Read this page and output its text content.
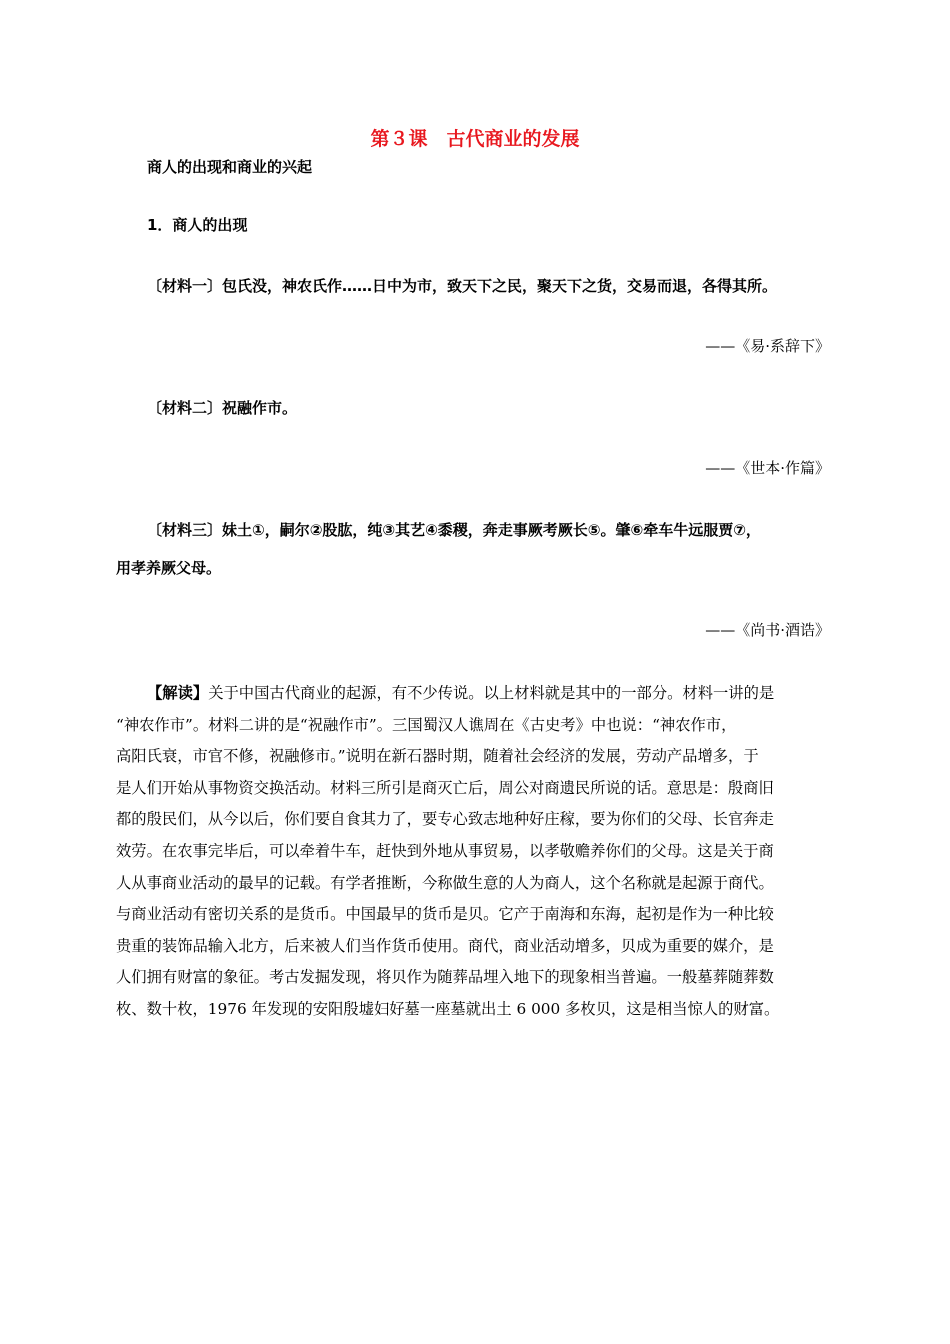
第３课　古代商业的发展
商人的出现和商业的兴起
1．商人的出现
〔材料一〕包氏没，神农氏作……日中为市，致天下之民，聚天下之货，交易而退，各得其所。
——《易·系辞下》
〔材料二〕祝融作市。
——《世本·作篇》
〔材料三〕妹土①，嗣尔②股肱，纯③其艺④黍稷，奔走事厥考厥长⑤。肇⑥牵车牛远服贾⑦，
用孝养厥父母。
——《尚书·酒诰》
【解读】关于中国古代商业的起源，有不少传说。以上材料就是其中的一部分。材料一讲的是
“神农作市”。材料二讲的是“祝融作市”。三国蜀汉人谯周在《古史考》中也说：“神农作市，
高阳氏衰，市官不修，祝融修市。”说明在新石器时期，随着社会经济的发展，劳动产品增多，于
是人们开始从事物资交换活动。材料三所引是商灭亡后，周公对商遗民所说的话。意思是：殷商旧
都的殷民们，从今以后，你们要自食其力了，要专心致志地种好庄稼，要为你们的父母、长官奔走
效劳。在农事完毕后，可以牵着牛车，赶快到外地从事贸易，以孝敬赡养你们的父母。这是关于商
人从事商业活动的最早的记载。有学者推断，今称做生意的人为商人，这个名称就是起源于商代。
与商业活动有密切关系的是货币。中国最早的货币是贝。它产于南海和东海，起初是作为一种比较
贵重的装饰品输入北方，后来被人们当作货币使用。商代，商业活动增多，贝成为重要的媒介，是
人们拥有财富的象征。考古发掘发现，将贝作为随葬品埋入地下的现象相当普遍。一般墓葬随葬数
枚、数十枚，1976 年发现的安阳殷墟妇好墓一座墓就出土 6 000 多枚贝，这是相当惊人的财富。
